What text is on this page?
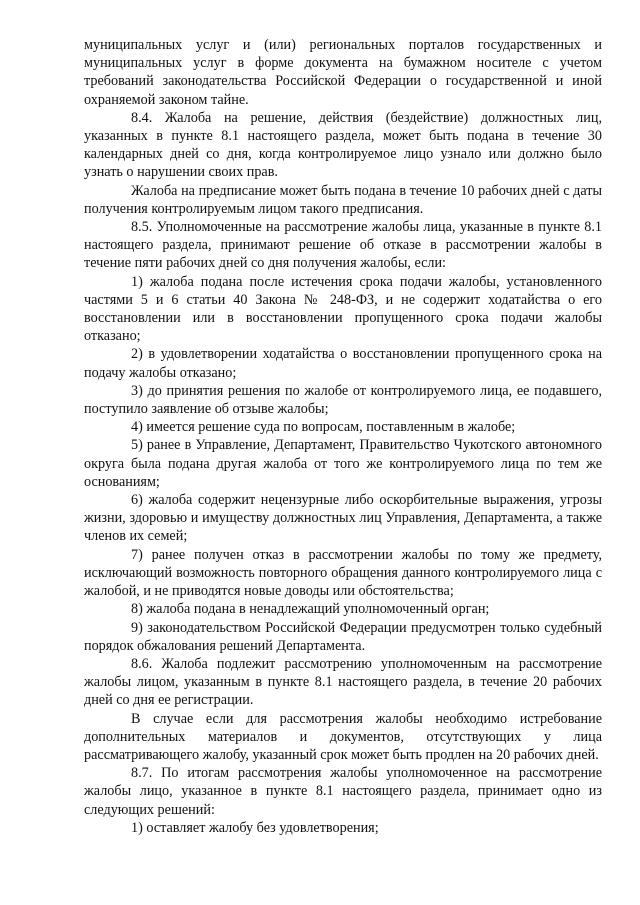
муниципальных услуг и (или) региональных порталов государственных и муниципальных услуг в форме документа на бумажном носителе с учетом требований законодательства Российской Федерации о государственной и иной охраняемой законом тайне.

8.4. Жалоба на решение, действия (бездействие) должностных лиц, указанных в пункте 8.1 настоящего раздела, может быть подана в течение 30 календарных дней со дня, когда контролируемое лицо узнало или должно было узнать о нарушении своих прав.

Жалоба на предписание может быть подана в течение 10 рабочих дней с даты получения контролируемым лицом такого предписания.

8.5. Уполномоченные на рассмотрение жалобы лица, указанные в пункте 8.1 настоящего раздела, принимают решение об отказе в рассмотрении жалобы в течение пяти рабочих дней со дня получения жалобы, если:

1) жалоба подана после истечения срока подачи жалобы, установленного частями 5 и 6 статьи 40 Закона № 248-ФЗ, и не содержит ходатайства о его восстановлении или в восстановлении пропущенного срока подачи жалобы отказано;

2) в удовлетворении ходатайства о восстановлении пропущенного срока на подачу жалобы отказано;

3) до принятия решения по жалобе от контролируемого лица, ее подавшего, поступило заявление об отзыве жалобы;

4) имеется решение суда по вопросам, поставленным в жалобе;

5) ранее в Управление, Департамент, Правительство Чукотского автономного округа была подана другая жалоба от того же контролируемого лица по тем же основаниям;

6) жалоба содержит нецензурные либо оскорбительные выражения, угрозы жизни, здоровью и имуществу должностных лиц Управления, Департамента, а также членов их семей;

7) ранее получен отказ в рассмотрении жалобы по тому же предмету, исключающий возможность повторного обращения данного контролируемого лица с жалобой, и не приводятся новые доводы или обстоятельства;

8) жалоба подана в ненадлежащий уполномоченный орган;

9) законодательством Российской Федерации предусмотрен только судебный порядок обжалования решений Департамента.

8.6. Жалоба подлежит рассмотрению уполномоченным на рассмотрение жалобы лицом, указанным в пункте 8.1 настоящего раздела, в течение 20 рабочих дней со дня ее регистрации.

В случае если для рассмотрения жалобы необходимо истребование дополнительных материалов и документов, отсутствующих у лица рассматривающего жалобу, указанный срок может быть продлен на 20 рабочих дней.

8.7. По итогам рассмотрения жалобы уполномоченное на рассмотрение жалобы лицо, указанное в пункте 8.1 настоящего раздела, принимает одно из следующих решений:

1) оставляет жалобу без удовлетворения;
